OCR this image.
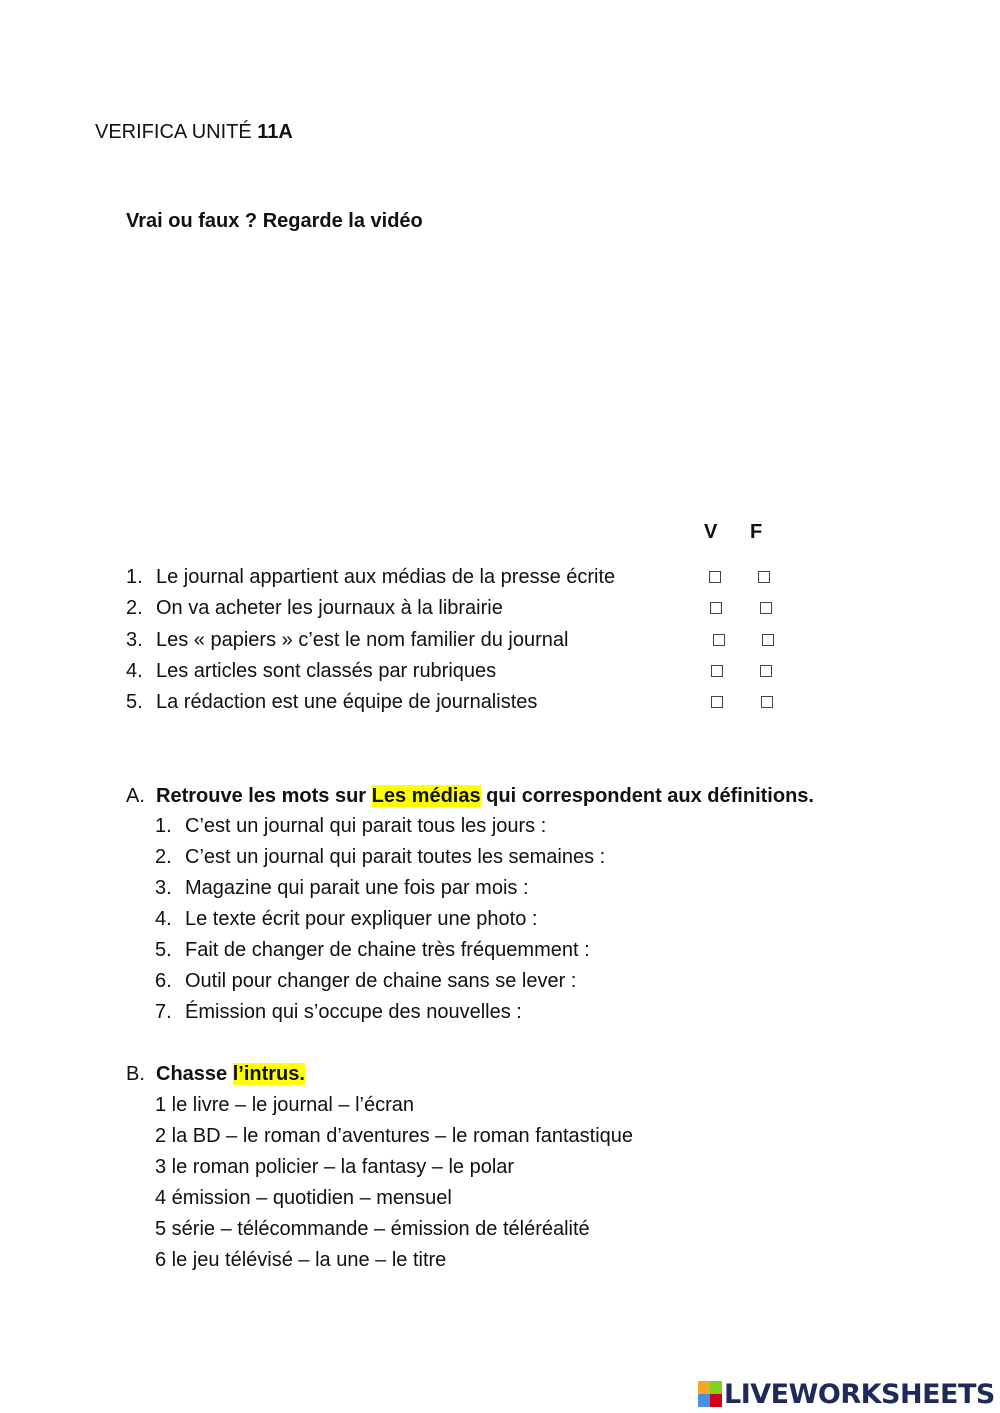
VERIFICA UNITÉ 11A
Vrai ou faux ? Regarde la vidéo
V F
1. Le journal appartient aux médias de la presse écrite
2. On va acheter les journaux à la librairie
3. Les « papiers » c’est le nom familier du journal
4. Les articles sont classés par rubriques
5. La rédaction est une équipe de journalistes
A. Retrouve les mots sur Les médias qui correspondent aux définitions.
1. C’est un journal qui parait tous les jours :
2. C’est un journal qui parait toutes les semaines :
3. Magazine qui parait une fois par mois :
4. Le texte écrit pour expliquer une photo :
5. Fait de changer de chaine très fréquemment :
6. Outil pour changer de chaine sans se lever :
7. Émission qui s’occupe des nouvelles :
B. Chasse l’intrus.
1 le livre – le journal – l’écran
2 la BD – le roman d’aventures – le roman fantastique
3 le roman policier – la fantasy – le polar
4 émission – quotidien – mensuel
5 série – télécommande – émission de téléréalité
6 le jeu télévisé – la une – le titre
LIVEWORKSHEETS
